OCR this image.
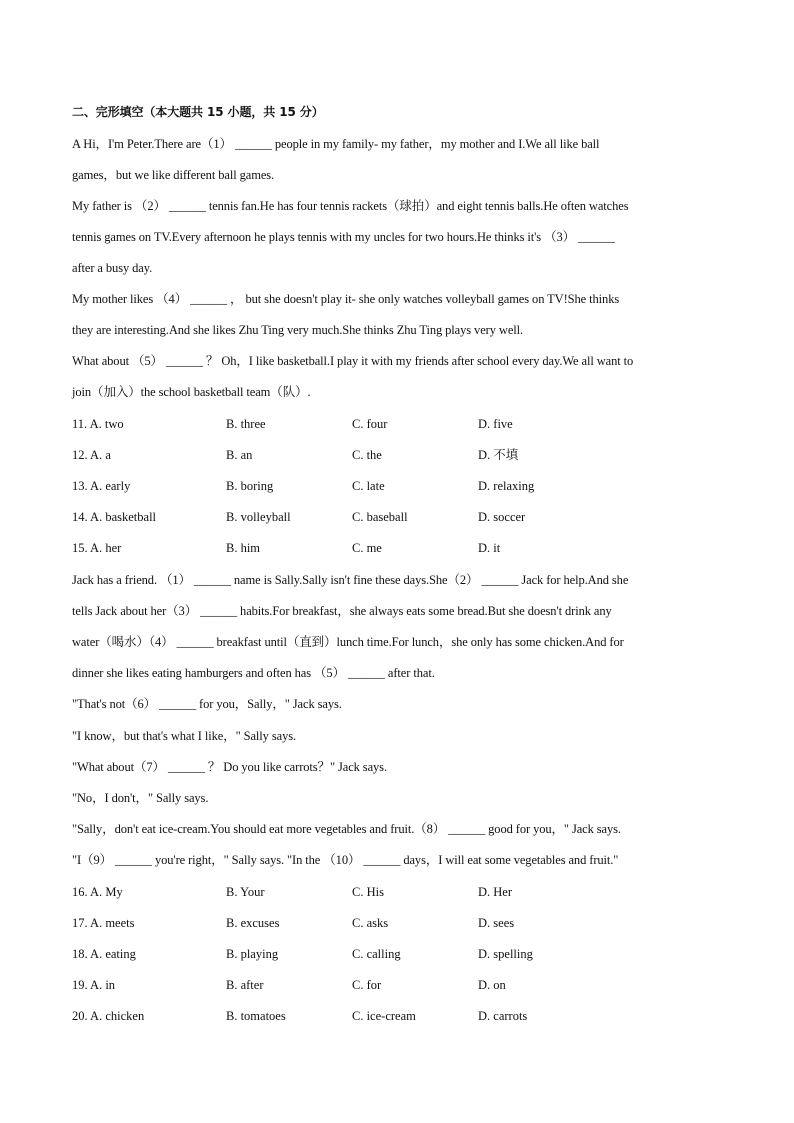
二、完形填空（本大题共 15 小题，共 15 分）
A Hi，I'm Peter.There are（1） ______ people in my family- my father，my mother and I.We all like ball
games，but we like different ball games.
My father is （2） ______ tennis fan.He has four tennis rackets（球拍）and eight tennis balls.He often watches
tennis games on TV.Every afternoon he plays tennis with my uncles for two hours.He thinks it's （3） ______
after a busy day.
My mother likes （4） ______ ， but she doesn't play it- she only watches volleyball games on TV!She thinks
they are interesting.And she likes Zhu Ting very much.She thinks Zhu Ting plays very well.
What about （5） ______ ？ Oh，I like basketball.I play it with my friends after school every day.We all want to
join（加入）the school basketball team（队）.
11. A. two	B. three	C. four	D. five
12. A. a	B. an	C. the	D. 不填
13. A. early	B. boring	C. late	D. relaxing
14. A. basketball	B. volleyball	C. baseball	D. soccer
15. A. her	B. him	C. me	D. it
Jack has a friend. （1） ______ name is Sally.Sally isn't fine these days.She（2） ______ Jack for help.And she
tells Jack about her（3） ______ habits.For breakfast，she always eats some bread.But she doesn't drink any
water（喝水）（4） ______ breakfast until（直到）lunch time.For lunch，she only has some chicken.And for
dinner she likes eating hamburgers and often has （5） ______ after that.
"That's not（6） ______ for you，Sally，" Jack says.
"I know，but that's what I like，" Sally says.
"What about（7） ______ ？ Do you like carrots？" Jack says.
"No，I don't，" Sally says.
"Sally，don't eat ice-cream.You should eat more vegetables and fruit.（8） ______ good for you，" Jack says.
"I（9） ______ you're right，" Sally says. "In the （10） ______ days，I will eat some vegetables and fruit."
16. A. My	B. Your	C. His	D. Her
17. A. meets	B. excuses	C. asks	D. sees
18. A. eating	B. playing	C. calling	D. spelling
19. A. in	B. after	C. for	D. on
20. A. chicken	B. tomatoes	C. ice-cream	D. carrots
